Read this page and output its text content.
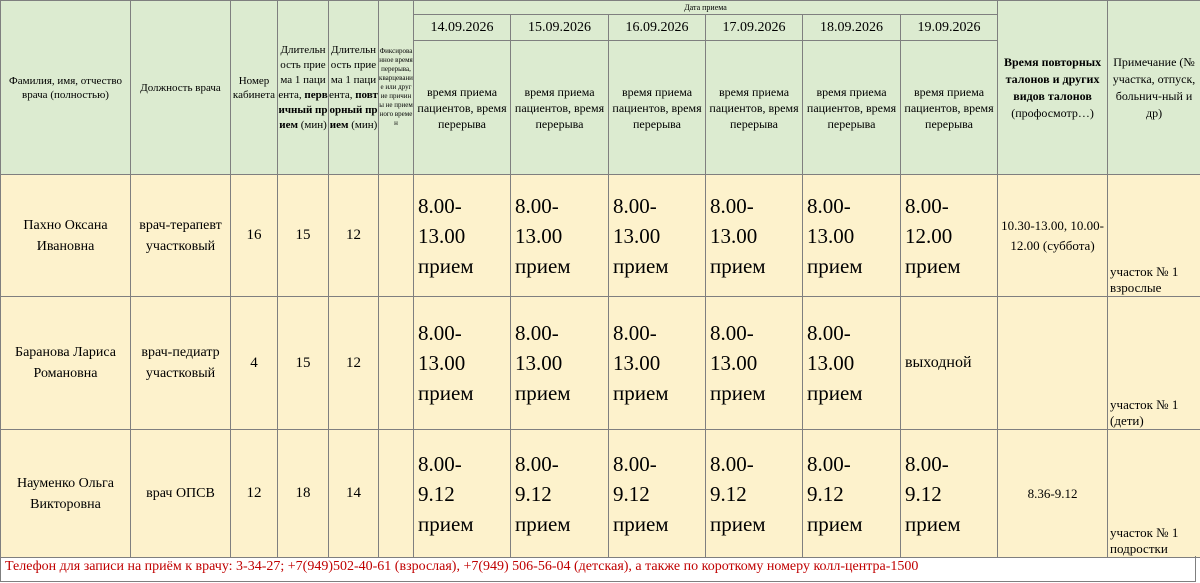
Фамилия, имя, отчество врача (полностью)	Должность врача	Номер кабинета	Длительность приема 1 пациента, первичный прием (мин)	Длительность приема 1 пациента, повторный прием (мин)	Фиксированное время перерыва, кварцевание или другие причины не приемного времен	Дата приема						Время повторных талонов и других видов талонов (профосмотр…)	Примечание (№ участка, отпуск, больнич-ный и др)
						14.09.2026	15.09.2026	16.09.2026	17.09.2026	18.09.2026	19.09.2026		
						время приема пациентов, время перерыва	время приема пациентов, время перерыва	время приема пациентов, время перерыва	время приема пациентов, время перерыва	время приема пациентов, время перерыва	время приема пациентов, время перерыва		
Пахно Оксана Ивановна	врач-терапевт участковый	16	15	12		8.00-13.00 прием	8.00-13.00 прием	8.00-13.00 прием	8.00-13.00 прием	8.00-13.00 прием	8.00-12.00 прием	10.30-13.00, 10.00-12.00 (суббота)	участок № 1 взрослые
Баранова Лариса Романовна	врач-педиатр участковый	4	15	12		8.00-13.00 прием	8.00-13.00 прием	8.00-13.00 прием	8.00-13.00 прием	8.00-13.00 прием	выходной		участок № 1 (дети)
Науменко Ольга Викторовна	врач ОПСВ	12	18	14		8.00-9.12 прием	8.00-9.12 прием	8.00-9.12 прием	8.00-9.12 прием	8.00-9.12 прием	8.00-9.12 прием	8.36-9.12	участок № 1 подростки
Телефон для записи на приём к врачу: 3-34-27; +7(949)502-40-61 (взрослая), +7(949) 506-56-04 (детская), а также по короткому номеру колл-центра-1500
